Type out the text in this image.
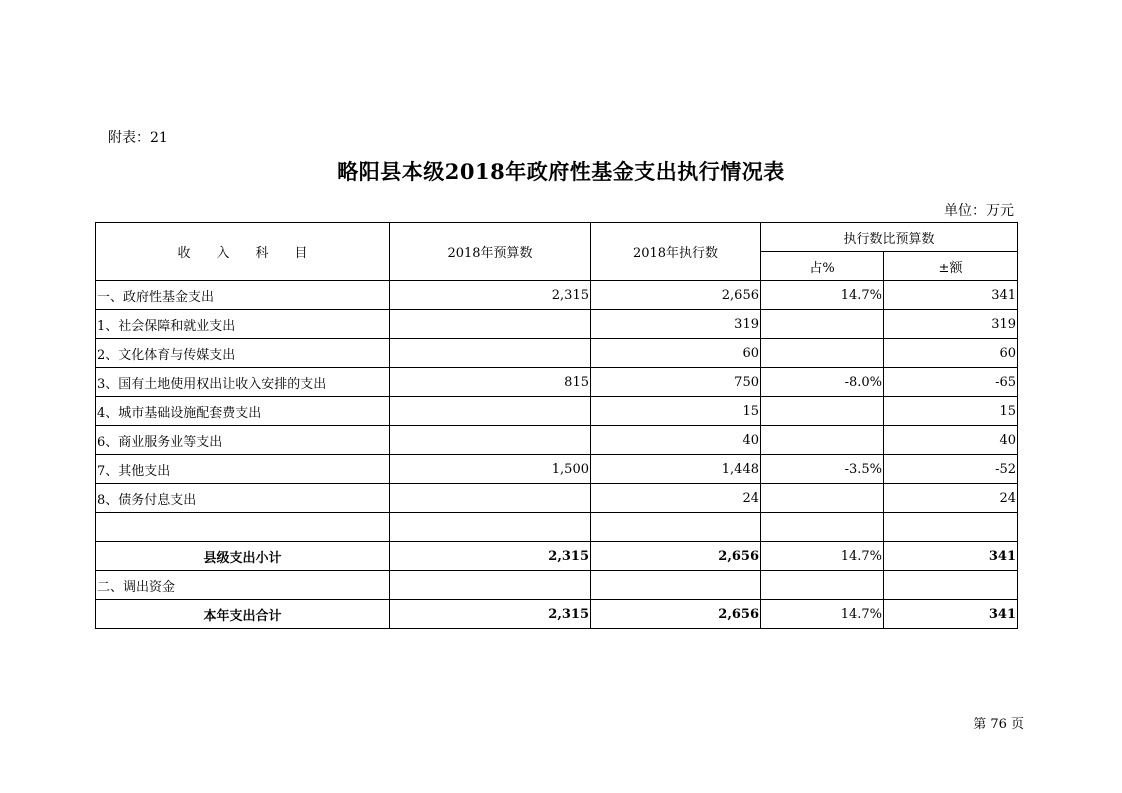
附表：21
略阳县本级2018年政府性基金支出执行情况表
单位：万元
收　　入　　科　　目	2018年预算数	2018年执行数	执行数比预算数	
			占%	±额
一、政府性基金支出	2,315	2,656	14.7%	341
1、社会保障和就业支出		319		319
2、文化体育与传媒支出		60		60
3、国有土地使用权出让收入安排的支出	815	750	-8.0%	-65
4、城市基础设施配套费支出		15		15
6、商业服务业等支出		40		40
7、其他支出	1,500	1,448	-3.5%	-52
8、债务付息支出		24		24

县级支出小计	2,315	2,656	14.7%	341
二、调出资金				
本年支出合计	2,315	2,656	14.7%	341
第 76 页
